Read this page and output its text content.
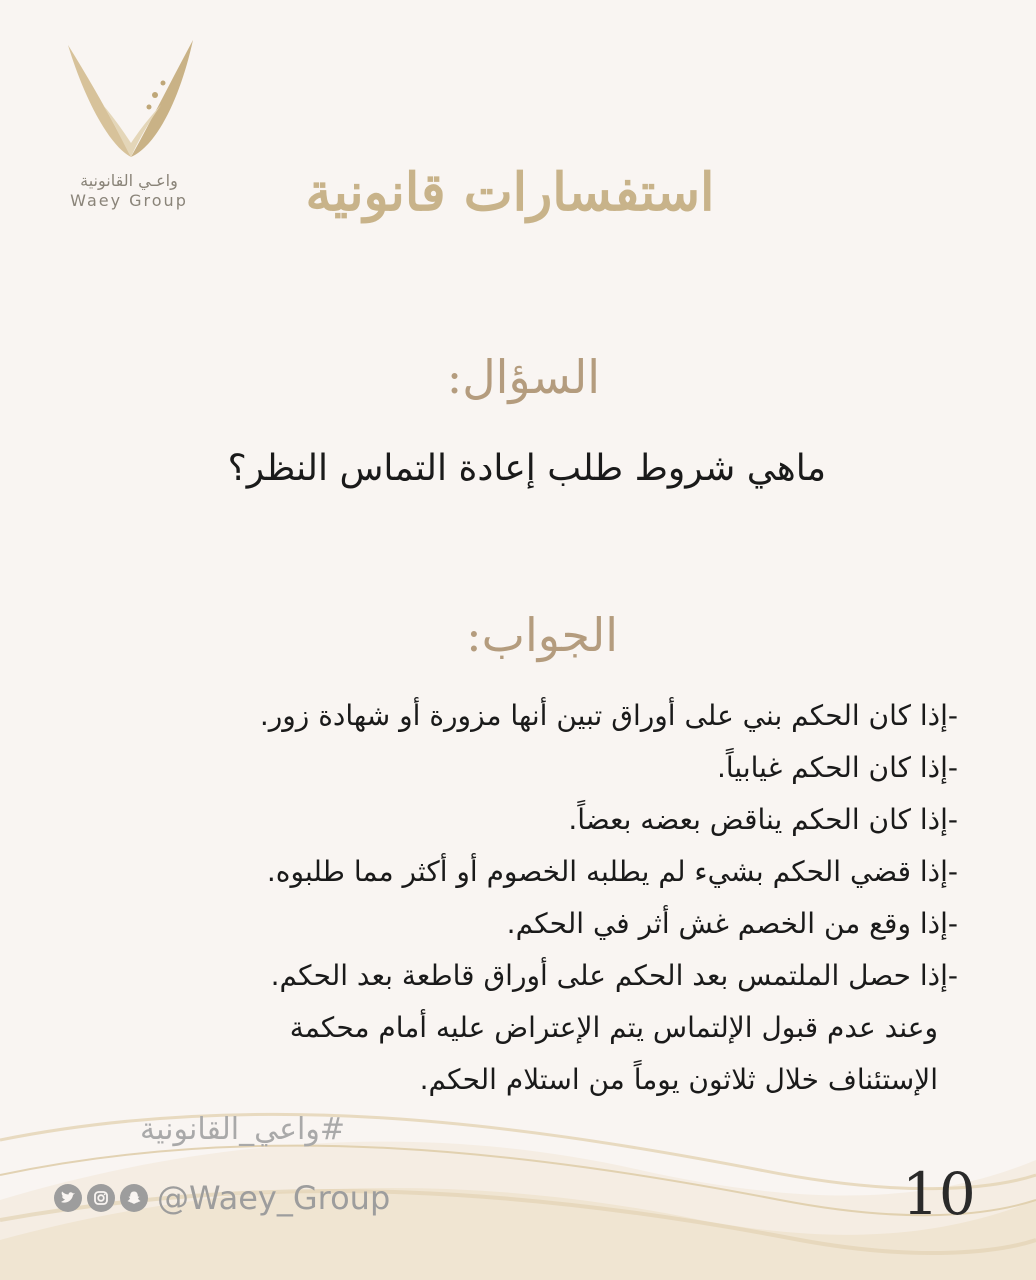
واعـي القانونية
Waey Group	استفسارات قانونية
السؤال:
ماهي شروط طلب إعادة التماس النظر؟
الجواب:
-إذا كان الحكم بني على أوراق تبين أنها مزورة أو شهادة زور.
-إذا كان الحكم غيابياً.
-إذا كان الحكم يناقض بعضه بعضاً.
-إذا قضي الحكم بشيء لم يطلبه الخصوم أو أكثر مما طلبوه.
-إذا وقع من الخصم غش أثر في الحكم.
-إذا حصل الملتمس بعد الحكم على أوراق قاطعة بعد الحكم.
وعند عدم قبول الإلتماس يتم الإعتراض عليه أمام محكمة
الإستئناف خلال ثلاثون يوماً من استلام الحكم.
#واعي_القانونية
@Waey_Group	10
